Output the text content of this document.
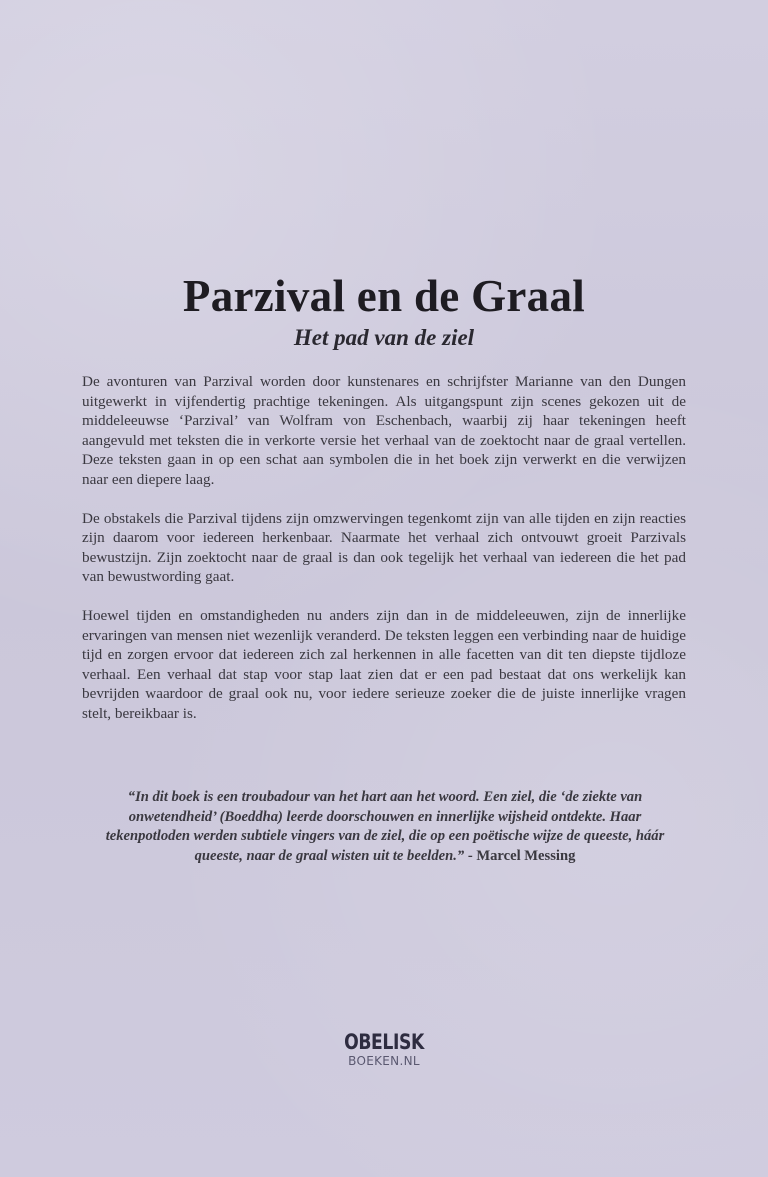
Parzival en de Graal
Het pad van de ziel

De avonturen van Parzival worden door kunstenares en schrijfster Marianne van den Dungen uitgewerkt in vijfendertig prachtige tekeningen. Als uitgangspunt zijn scenes gekozen uit de middeleeuwse ‘Parzival’ van Wolfram von Eschenbach, waarbij zij haar tekeningen heeft aangevuld met teksten die in verkorte versie het verhaal van de zoektocht naar de graal vertellen. Deze teksten gaan in op een schat aan symbolen die in het boek zijn verwerkt en die verwijzen naar een diepere laag.

De obstakels die Parzival tijdens zijn omzwervingen tegenkomt zijn van alle tijden en zijn reacties zijn daarom voor iedereen herkenbaar. Naarmate het verhaal zich ontvouwt groeit Parzivals bewustzijn. Zijn zoektocht naar de graal is dan ook tegelijk het verhaal van iedereen die het pad van bewustwording gaat.

Hoewel tijden en omstandigheden nu anders zijn dan in de middeleeuwen, zijn de innerlijke ervaringen van mensen niet wezenlijk veranderd. De teksten leggen een verbinding naar de huidige tijd en zorgen ervoor dat iedereen zich zal herkennen in alle facetten van dit ten diepste tijdloze verhaal. Een verhaal dat stap voor stap laat zien dat er een pad bestaat dat ons werkelijk kan bevrijden waardoor de graal ook nu, voor iedere serieuze zoeker die de juiste innerlijke vragen stelt, bereikbaar is.

“In dit boek is een troubadour van het hart aan het woord. Een ziel, die ‘de ziekte van onwetendheid’ (Boeddha) leerde doorschouwen en innerlijke wijsheid ontdekte. Haar tekenpotloden werden subtiele vingers van de ziel, die op een poëtische wijze de queeste, háár queeste, naar de graal wisten uit te beelden.” - Marcel Messing
OBELISK
BOEKEN.NL
